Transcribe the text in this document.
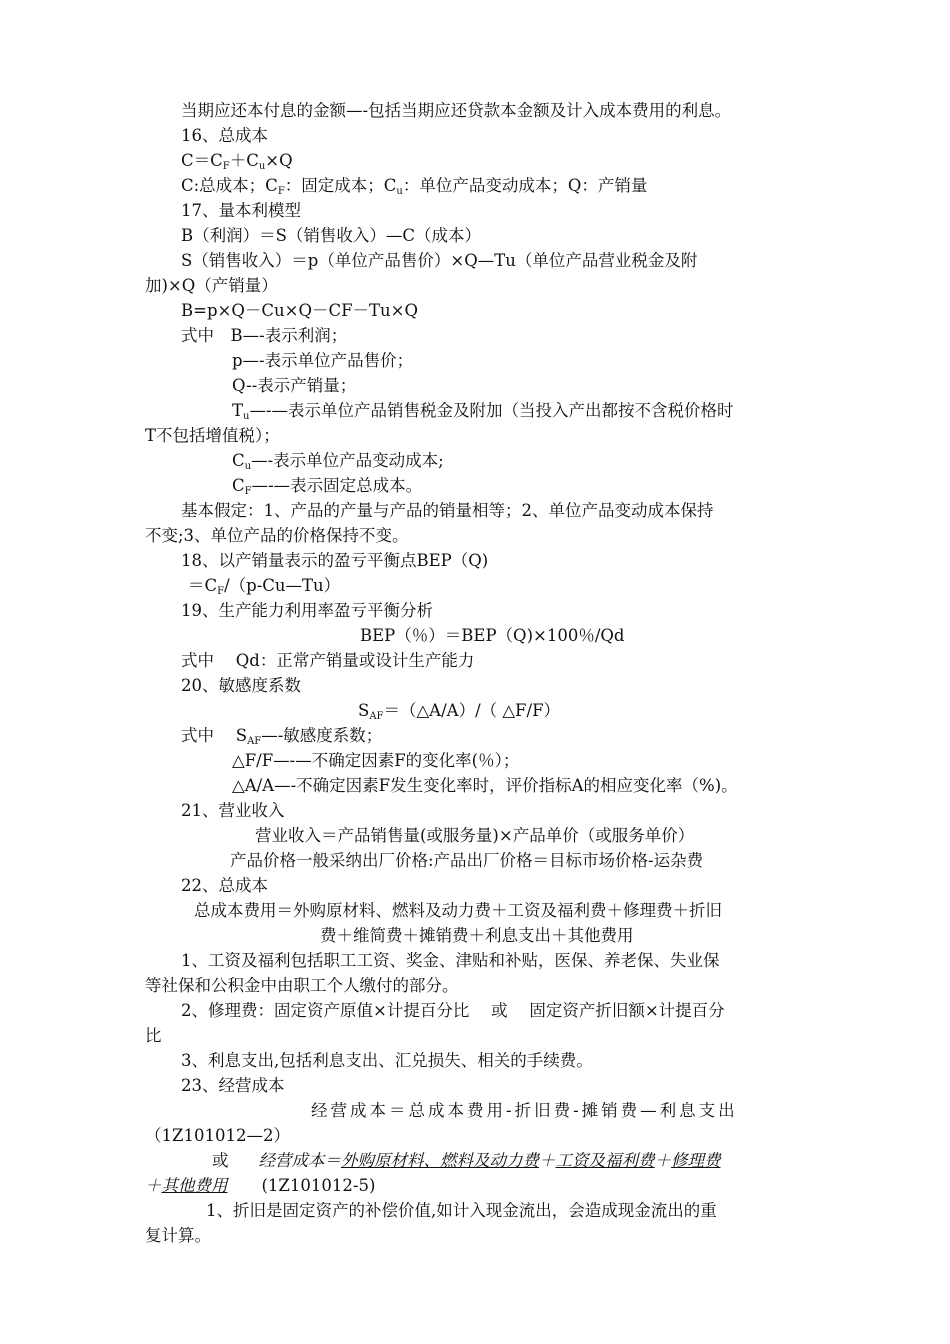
当期应还本付息的金额—-包括当期应还贷款本金额及计入成本费用的利息。
16、总成本
$C=C_F+C_u\times Q$
C:总成本；$C_F$：固定成本；$C_u$：单位产品变动成本；Q：产销量
17、量本利模型
B（利润）＝S（销售收入）—C（成本）
S（销售收入）＝p（单位产品售价）×Q—Tu（单位产品营业税金及附
加)×Q（产销量）
B=p×Q－Cu×Q－CF－Tu×Q
式中　B—-表示利润；
p—-表示单位产品售价；
Q--表示产销量；
$T_u—-—$表示单位产品销售税金及附加（当投入产出都按不含税价格时
T不包括增值税）；
$C_u—-$表示单位产品变动成本;
$C_F—-—$表示固定总成本。
基本假定：1、产品的产量与产品的销量相等；2、单位产品变动成本保持
不变;3、单位产品的价格保持不变。
18、以产销量表示的盈亏平衡点BEP（Q)
$=C_F/(p-Cu—Tu)$
19、生产能力利用率盈亏平衡分析
BEP（％）＝BEP（Q)×100％/Qd
式中　 Qd：正常产销量或设计生产能力
20、敏感度系数
$S_{AF}=(\triangle A/A)/$（ △F/F）
式中　 $S_{AF}—-$敏感度系数；
△F/F—-—不确定因素F的变化率(％）；
△A/A—-不确定因素F发生变化率时，评价指标A的相应变化率（%)。
21、营业收入
营业收入＝产品销售量(或服务量)×产品单价（或服务单价）
产品价格一般采纳出厂价格:产品出厂价格＝目标市场价格-运杂费
22、总成本
总成本费用＝外购原材料、燃料及动力费＋工资及福利费＋修理费＋折旧
费＋维简费＋摊销费＋利息支出＋其他费用
1、工资及福利包括职工工资、奖金、津贴和补贴，医保、养老保、失业保
等社保和公积金中由职工个人缴付的部分。
2、修理费：固定资产原值×计提百分比　 或　 固定资产折旧额×计提百分
比
3、利息支出,包括利息支出、汇兑损失、相关的手续费。
23、经营成本
经营成本＝总成本费用-折旧费-摊销费—利息支出
（1Z101012—2）
或 经营成本＝外购原材料、燃料及动力费＋工资及福利费＋修理费
＋其他费用 (1Z101012-5)
1、折旧是固定资产的补偿价值,如计入现金流出，会造成现金流出的重
复计算。
